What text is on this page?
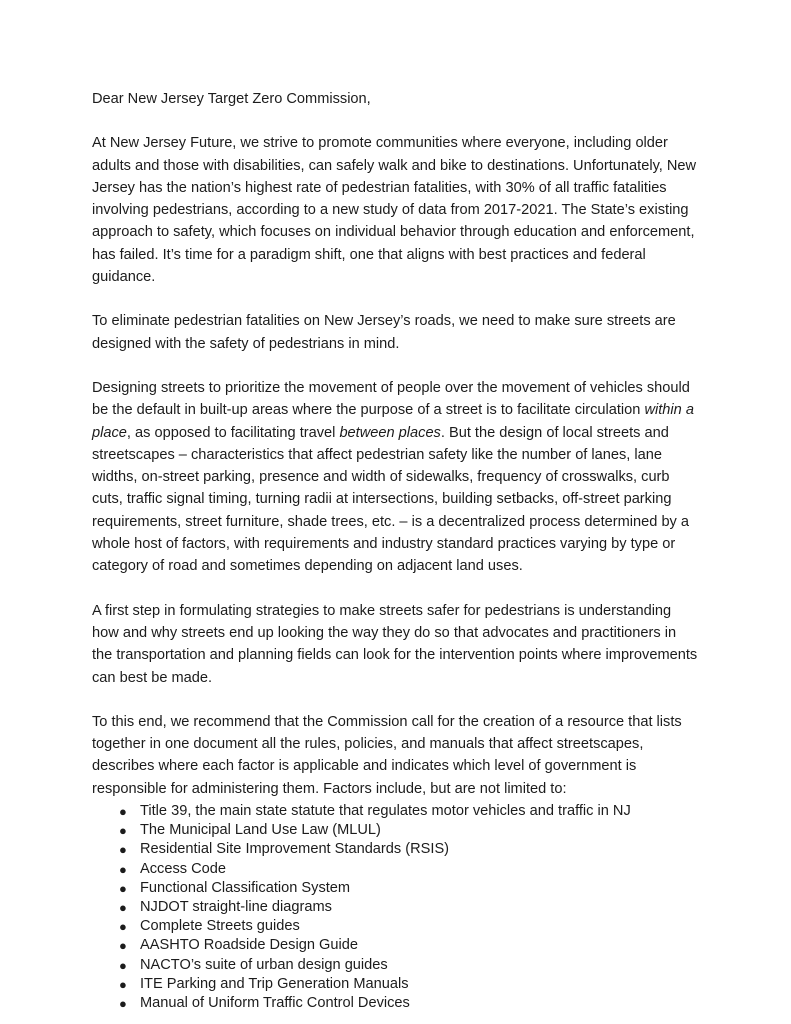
Dear New Jersey Target Zero Commission,

At New Jersey Future, we strive to promote communities where everyone, including older adults and those with disabilities, can safely walk and bike to destinations. Unfortunately, New Jersey has the nation’s highest rate of pedestrian fatalities, with 30% of all traffic fatalities involving pedestrians, according to a new study of data from 2017-2021. The State’s existing approach to safety, which focuses on individual behavior through education and enforcement, has failed. It’s time for a paradigm shift, one that aligns with best practices and federal guidance.

To eliminate pedestrian fatalities on New Jersey’s roads, we need to make sure streets are designed with the safety of pedestrians in mind.

Designing streets to prioritize the movement of people over the movement of vehicles should be the default in built-up areas where the purpose of a street is to facilitate circulation within a place, as opposed to facilitating travel between places. But the design of local streets and streetscapes – characteristics that affect pedestrian safety like the number of lanes, lane widths, on-street parking, presence and width of sidewalks, frequency of crosswalks, curb cuts, traffic signal timing, turning radii at intersections, building setbacks, off-street parking requirements, street furniture, shade trees, etc. – is a decentralized process determined by a whole host of factors, with requirements and industry standard practices varying by type or category of road and sometimes depending on adjacent land uses.

A first step in formulating strategies to make streets safer for pedestrians is understanding how and why streets end up looking the way they do so that advocates and practitioners in the transportation and planning fields can look for the intervention points where improvements can best be made.

To this end, we recommend that the Commission call for the creation of a resource that lists together in one document all the rules, policies, and manuals that affect streetscapes, describes where each factor is applicable and indicates which level of government is responsible for administering them. Factors include, but are not limited to:

● Title 39, the main state statute that regulates motor vehicles and traffic in NJ
● The Municipal Land Use Law (MLUL)
● Residential Site Improvement Standards (RSIS)
● Access Code
● Functional Classification System
● NJDOT straight-line diagrams
● Complete Streets guides
● AASHTO Roadside Design Guide
● NACTO’s suite of urban design guides
● ITE Parking and Trip Generation Manuals
● Manual of Uniform Traffic Control Devices
